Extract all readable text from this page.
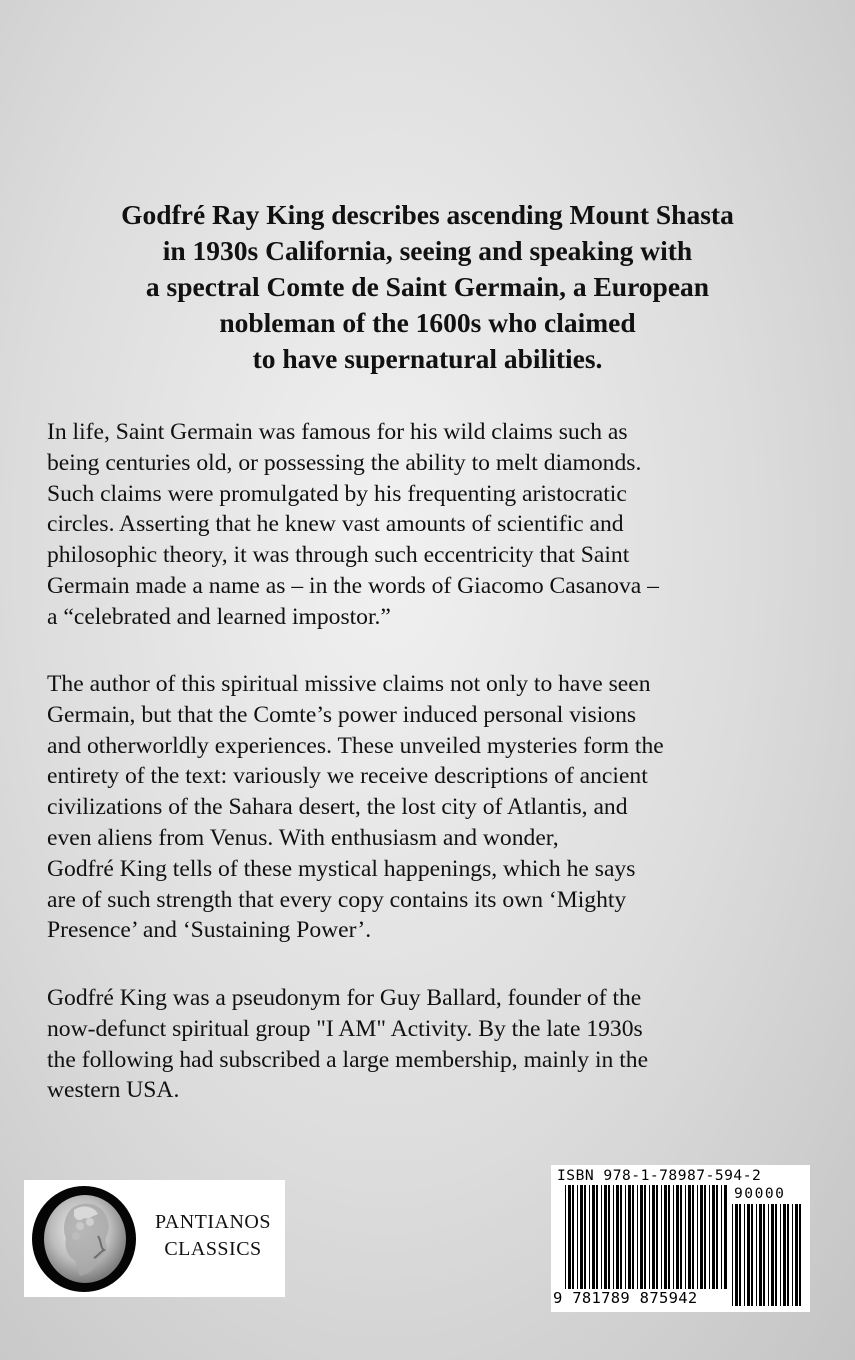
Godfré Ray King describes ascending Mount Shasta
in 1930s California, seeing and speaking with
a spectral Comte de Saint Germain, a European
nobleman of the 1600s who claimed
to have supernatural abilities.
In life, Saint Germain was famous for his wild claims such as
being centuries old, or possessing the ability to melt diamonds.
Such claims were promulgated by his frequenting aristocratic
circles. Asserting that he knew vast amounts of scientific and
philosophic theory, it was through such eccentricity that Saint
Germain made a name as – in the words of Giacomo Casanova –
a “celebrated and learned impostor.”
The author of this spiritual missive claims not only to have seen
Germain, but that the Comte’s power induced personal visions
and otherworldly experiences. These unveiled mysteries form the
entirety of the text: variously we receive descriptions of ancient
civilizations of the Sahara desert, the lost city of Atlantis, and
even aliens from Venus. With enthusiasm and wonder,
Godfré King tells of these mystical happenings, which he says
are of such strength that every copy contains its own ‘Mighty
Presence’ and ‘Sustaining Power’.
Godfré King was a pseudonym for Guy Ballard, founder of the
now-defunct spiritual group "I AM" Activity. By the late 1930s
the following had subscribed a large membership, mainly in the
western USA.
PANTIANOS
CLASSICS
ISBN 978-1-78987-594-2
90000
9 781789 875942
